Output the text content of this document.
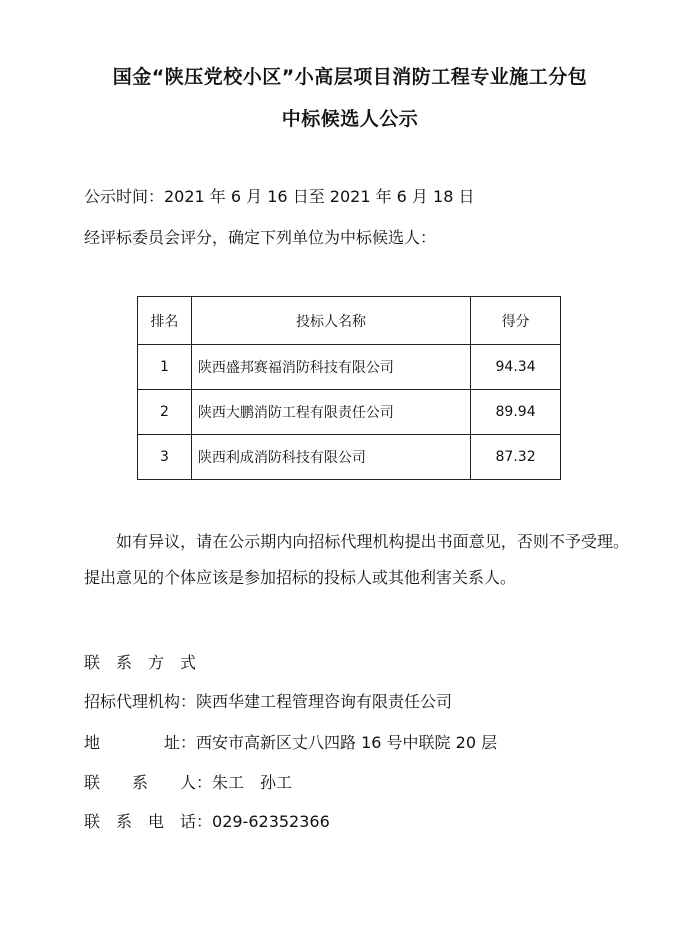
国金“陕压党校小区”小高层项目消防工程专业施工分包
中标候选人公示
公示时间：2021 年 6 月 16 日至 2021 年 6 月 18 日
经评标委员会评分，确定下列单位为中标候选人：
排名	投标人名称	得分
1	陕西盛邦赛福消防科技有限公司	94.34
2	陕西大鹏消防工程有限责任公司	89.94
3	陕西利成消防科技有限公司	87.32
如有异议，请在公示期内向招标代理机构提出书面意见，否则不予受理。提出意见的个体应该是参加招标的投标人或其他利害关系人。
联　系　方　式
招标代理机构：陕西华建工程管理咨询有限责任公司
地　　　　址：西安市高新区丈八四路 16 号中联院 20 层
联　　系　　人：朱工　孙工
联　系　电　话：029-62352366
